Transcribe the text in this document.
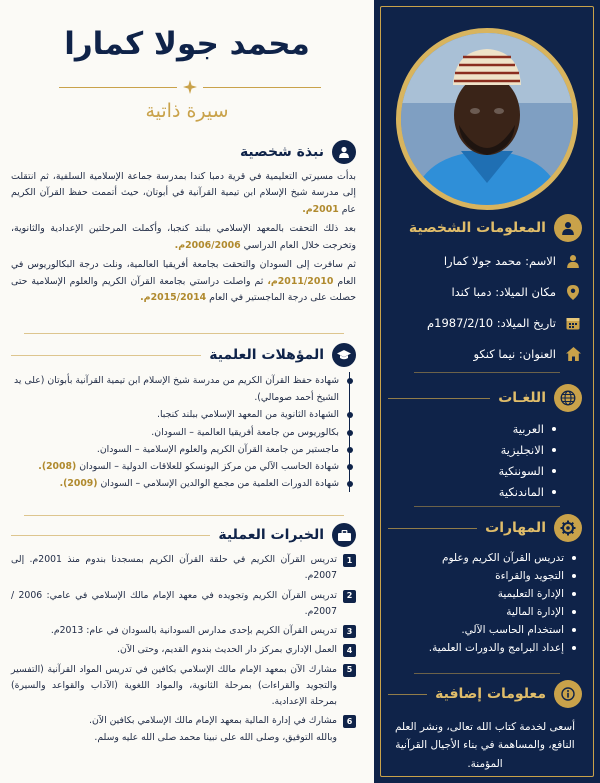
محمد جولا كمارا
سيرة ذاتية
نبذة شخصية

بدأت مسيرتي التعليمية في قرية دمبا كندا بمدرسة جماعة الإسلامية السلفية، ثم انتقلت إلى مدرسة شيخ الإسلام ابن تيمية القرآنية في أبوتان، حيث أتممت حفظ القرآن الكريم عام 2001م.

بعد ذلك التحقت بالمعهد الإسلامي ببلند كنجبا، وأكملت المرحلتين الإعدادية والثانوية، وتخرجت خلال العام الدراسي 2006/2006م.

ثم سافرت إلى السودان والتحقت بجامعة أفريقيا العالمية، ونلت درجة البكالوريوس في العام 2011/2010م، ثم واصلت دراستي بجامعة القرآن الكريم والعلوم الإسلامية حتى حصلت على درجة الماجستير في العام 2015/2014م.

المؤهلات العلمية
شهادة حفظ القرآن الكريم من مدرسة شيخ الإسلام ابن تيمية القرآنية بأبوتان (على يد الشيخ أحمد صومالي).
الشهادة الثانوية من المعهد الإسلامي ببلند كنجبا.
بكالوريوس من جامعة أفريقيا العالمية – السودان.
ماجستير من جامعة القرآن الكريم والعلوم الإسلامية – السودان.
شهادة الحاسب الآلي من مركز اليونسكو للعلاقات الدولية – السودان (2008).
شهادة الدورات العلمية من مجمع الوالدين الإسلامي – السودان (2009).
الخبرات العملية
1
تدريس القرآن الكريم في حلقة القرآن الكريم بمسجدنا بندوم منذ 2001م. إلى 2007م.
2
تدريس القرآن الكريم وتجويده في معهد الإمام مالك الإسلامي في عامي: 2006 / 2007م.
3
تدريس القرآن الكريم بإحدى مدارس السودانية بالسودان في عام: 2013م.
4
العمل الإداري بمركز دار الحديث بندوم القديم، وحتى الآن.
5
مشارك الآن بمعهد الإمام مالك الإسلامي بكافين في تدريس المواد القرآنية (التفسير والتجويد والقراءات) بمرحلة الثانوية، والمواد اللغوية (الآداب والقواعد والسيرة) بمرحلة الإعدادية.
6
مشارك في إدارة المالية بمعهد الإمام مالك الإسلامي بكافين الآن.
وبالله التوفيق، وصلى الله على نبينا محمد صلى الله عليه وسلم.
المعلومات الشخصية
الاسم: محمد جولا كمارا
مكان الميلاد: دمبا كندا
تاريخ الميلاد: 1987/2/10م
العنوان: نيما كنكو
اللغـات
العربية
الانجليزية
السوننكية
الماندنكية
المهارات
تدريس القرآن الكريم وعلوم
التجويد والقراءة
الإدارة التعليمية
الإدارة المالية
استخدام الحاسب الآلي.
إعداد البرامج والدورات العلمية.
معلومات إضافية

أسعى لخدمة كتاب الله تعالى، ونشر العلم النافع، والمساهمة في بناء الأجيال القرآنية المؤمنة.
